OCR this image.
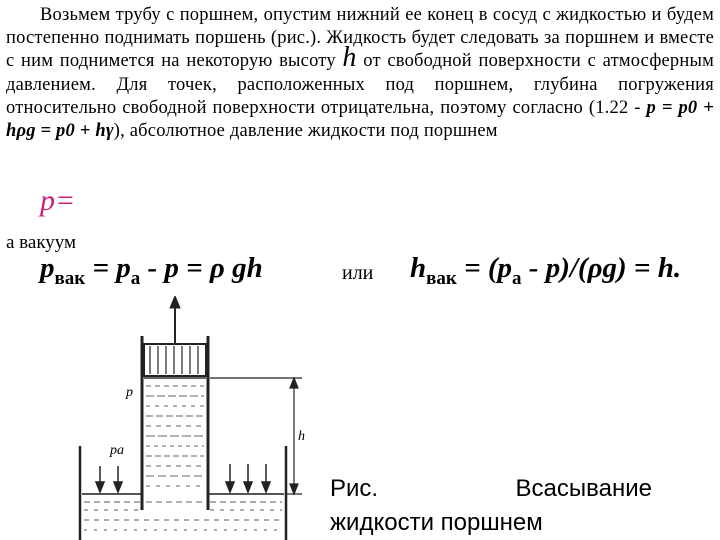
Возьмем трубу с поршнем, опустим нижний ее конец в сосуд с жидкостью и будем постепенно поднимать поршень (рис.). Жидкость будет следовать за поршнем и вместе с ним поднимется на некоторую высоту h от свободной поверхности с атмосферным давлением. Для точек, расположенных под поршнем, глубина погружения относительно свободной поверхности отрицательна, поэтому согласно (1.22 - p = p0 + hρg = p0 + hγ), абсолютное давление жидкости под поршнем
p=
а вакуум
$p_{вак} = p_a - p = \rho$ gh	или $h_{вак} = (p_a - p)/(\rho g) = h$.
p
pa
h
Рис.	Всасывание
жидкости поршнем
